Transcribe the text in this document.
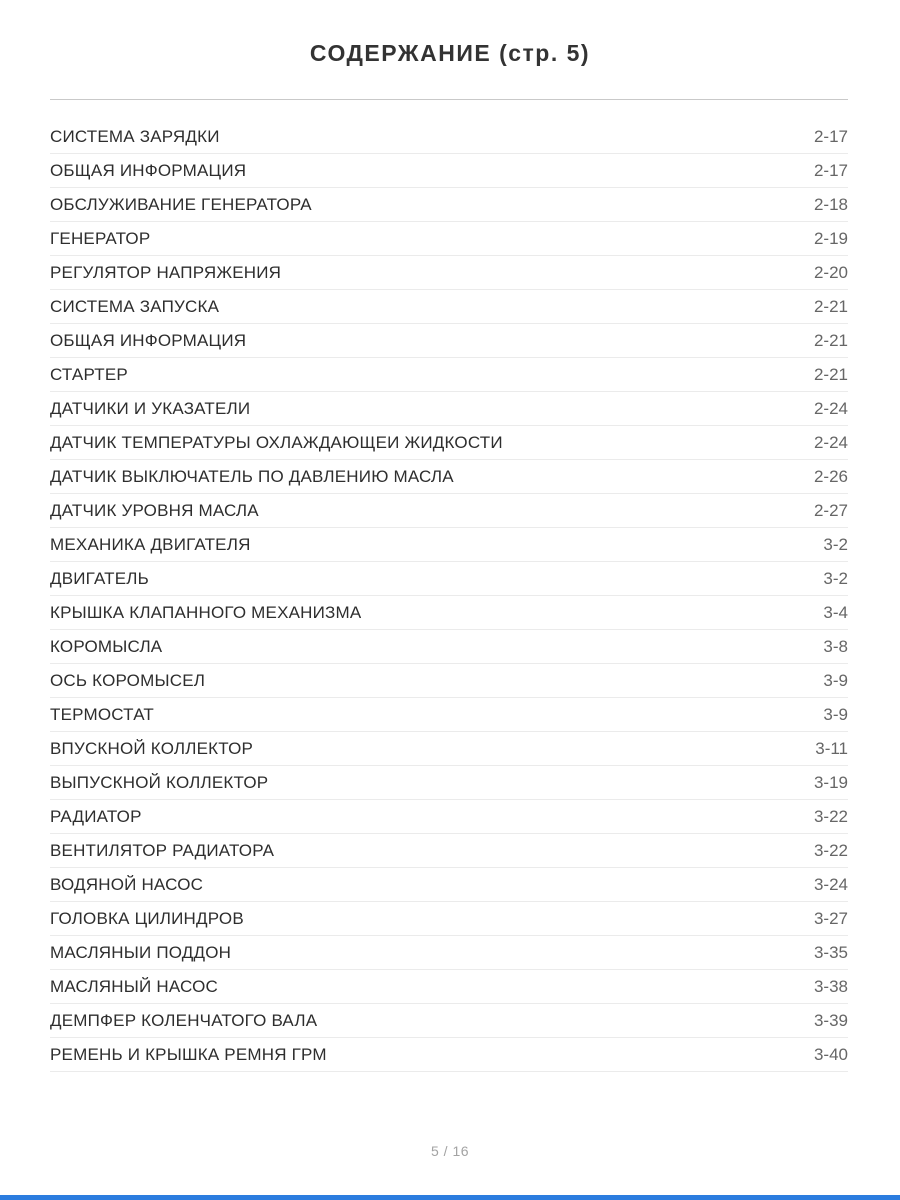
СОДЕРЖАНИЕ (стр. 5)
СИСТЕМА ЗАРЯДКИ	2-17
ОБЩАЯ ИНФОРМАЦИЯ	2-17
ОБСЛУЖИВАНИЕ ГЕНЕРАТОРА	2-18
ГЕНЕРАТОР	2-19
РЕГУЛЯТОР НАПРЯЖЕНИЯ	2-20
СИСТЕМА ЗАПУСКА	2-21
ОБЩАЯ ИНФОРМАЦИЯ	2-21
СТАРТЕР	2-21
ДАТЧИКИ И УКАЗАТЕЛИ	2-24
ДАТЧИК ТЕМПЕРАТУРЫ ОХЛАЖДАЮЩЕИ ЖИДКОСТИ	2-24
ДАТЧИК ВЫКЛЮЧАТЕЛЬ ПО ДАВЛЕНИЮ МАСЛА	2-26
ДАТЧИК УРОВНЯ МАСЛА	2-27
МЕХАНИКА ДВИГАТЕЛЯ	3-2
ДВИГАТЕЛЬ	3-2
КРЫШКА КЛАПАННОГО МЕХАНИЗМА	3-4
КОРОМЫСЛА	3-8
ОСЬ КОРОМЫСЕЛ	3-9
ТЕРМОСТАТ	3-9
ВПУСКНОЙ КОЛЛЕКТОР	3-11
ВЫПУСКНОЙ КОЛЛЕКТОР	3-19
РАДИАТОР	3-22
ВЕНТИЛЯТОР РАДИАТОРА	3-22
ВОДЯНОЙ НАСОС	3-24
ГОЛОВКА ЦИЛИНДРОВ	3-27
МАСЛЯНЫИ ПОДДОН	3-35
МАСЛЯНЫЙ НАСОС	3-38
ДЕМПФЕР КОЛЕНЧАТОГО ВАЛА	3-39
РЕМЕНЬ И КРЫШКА РЕМНЯ ГРМ	3-40
5 / 16
